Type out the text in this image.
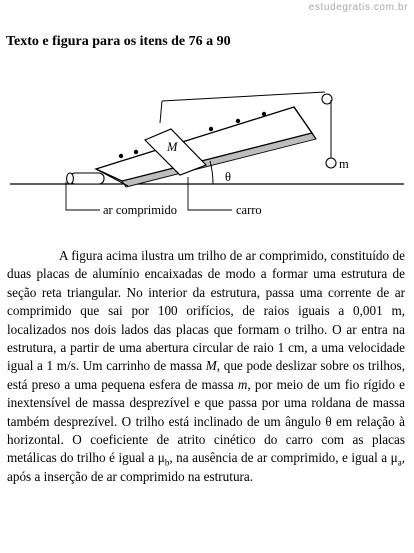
estudegratis.com.br
Texto e figura para os itens de 76 a 90
M
m
θ
ar comprimido	carro

A figura acima ilustra um trilho de ar comprimido, constituído de duas placas de alumínio encaixadas de modo a formar uma estrutura de seção reta triangular. No interior da estrutura, passa uma corrente de ar comprimido que sai por 100 orifícios, de raios iguais a 0,001 m, localizados nos dois lados das placas que formam o trilho. O ar entra na estrutura, a partir de uma abertura circular de raio 1 cm, a uma velocidade igual a 1 m/s. Um carrinho de massa M, que pode deslizar sobre os trilhos, está preso a uma pequena esfera de massa m, por meio de um fio rígido e inextensível de massa desprezível e que passa por uma roldana de massa também desprezível. O trilho está inclinado de um ângulo θ em relação à horizontal. O coeficiente de atrito cinético do carro com as placas metálicas do trilho é igual a $\mu_b$, na ausência de ar comprimido, e igual a $\mu_a$, após a inserção de ar comprimido na estrutura.
